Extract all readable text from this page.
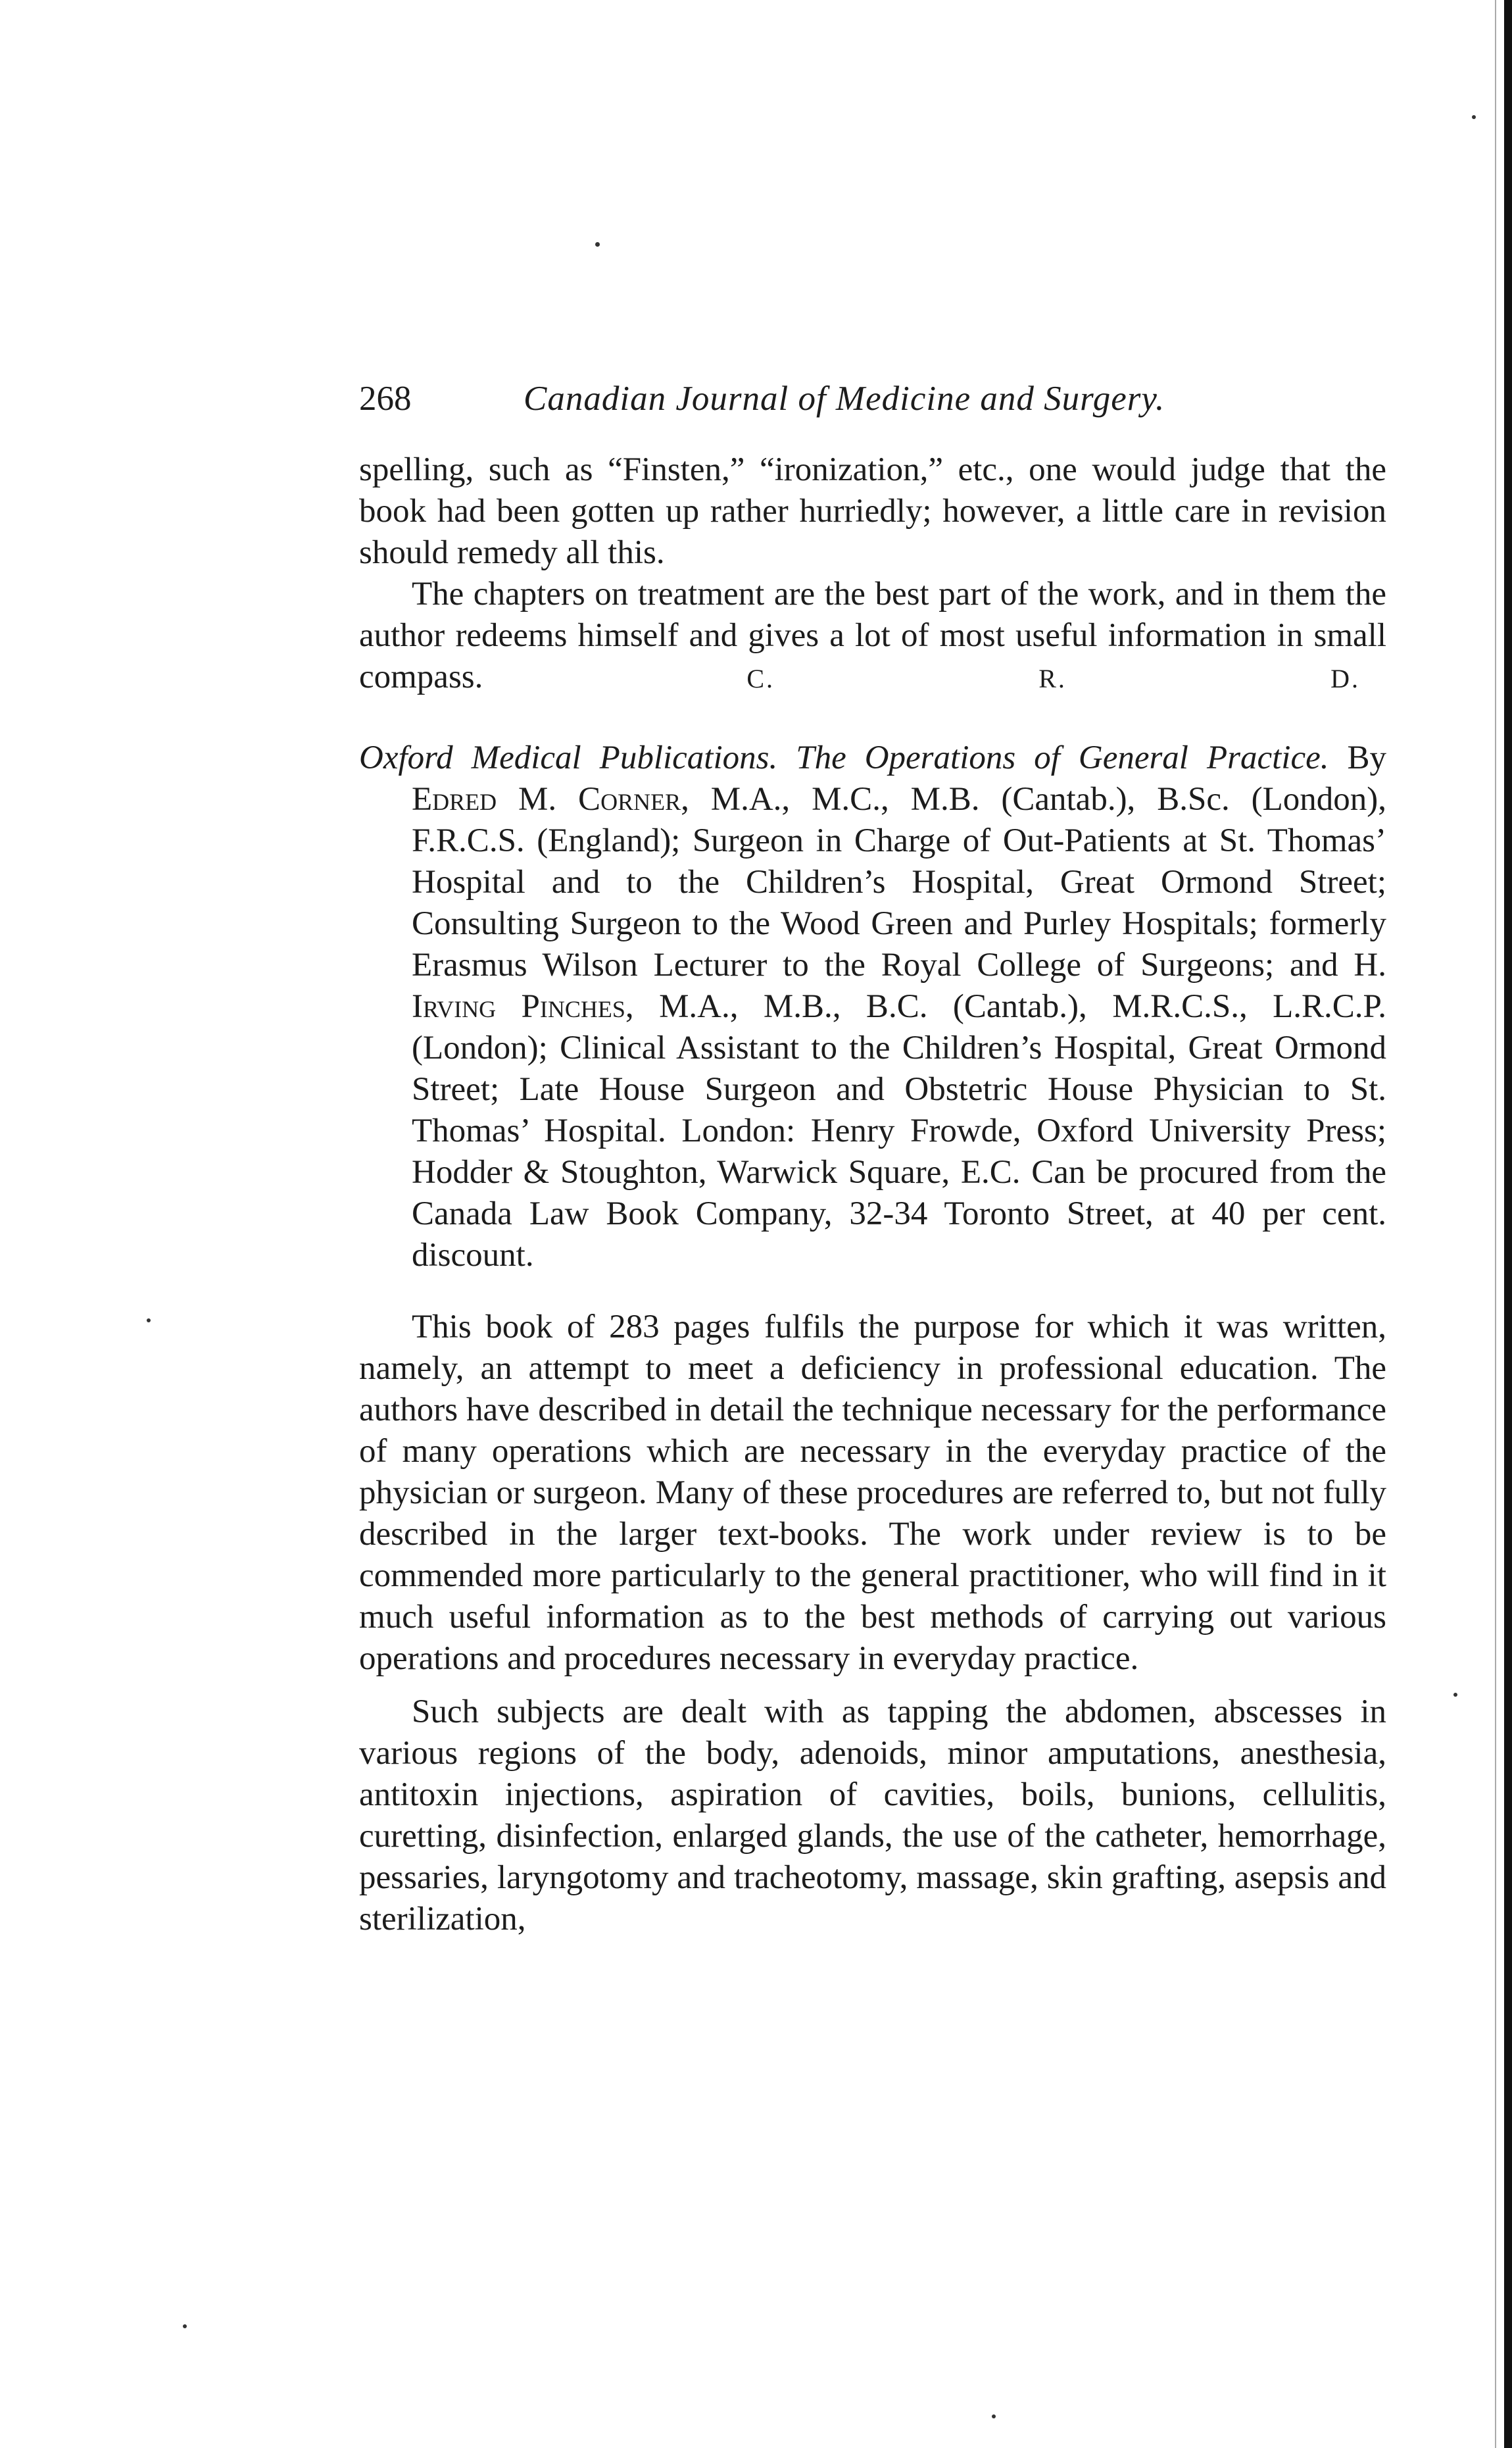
268	Canadian Journal of Medicine and Surgery.

spelling, such as “Finsten,” “ironization,” etc., one would judge that the book had been gotten up rather hurriedly; however, a little care in revision should remedy all this.

The chapters on treatment are the best part of the work, and in them the author redeems himself and gives a lot of most useful information in small compass.	C. R. D.

Oxford Medical Publications. The Operations of General Practice. By Edred M. Corner, M.A., M.C., M.B. (Cantab.), B.Sc. (London), F.R.C.S. (England); Surgeon in Charge of Out-Patients at St. Thomas’ Hospital and to the Children’s Hospital, Great Ormond Street; Consulting Surgeon to the Wood Green and Purley Hospitals; formerly Erasmus Wilson Lecturer to the Royal College of Surgeons; and H. Irving Pinches, M.A., M.B., B.C. (Cantab.), M.R.C.S., L.R.C.P. (London); Clinical Assistant to the Children’s Hospital, Great Ormond Street; Late House Surgeon and Obstetric House Physician to St. Thomas’ Hospital. London: Henry Frowde, Oxford University Press; Hodder & Stoughton, Warwick Square, E.C. Can be procured from the Canada Law Book Company, 32-34 Toronto Street, at 40 per cent. discount.

This book of 283 pages fulfils the purpose for which it was written, namely, an attempt to meet a deficiency in professional education. The authors have described in detail the technique necessary for the performance of many operations which are necessary in the everyday practice of the physician or surgeon. Many of these procedures are referred to, but not fully described in the larger text-books. The work under review is to be commended more particularly to the general practitioner, who will find in it much useful information as to the best methods of carrying out various operations and procedures necessary in everyday practice.

Such subjects are dealt with as tapping the abdomen, abscesses in various regions of the body, adenoids, minor amputations, anesthesia, antitoxin injections, aspiration of cavities, boils, bunions, cellulitis, curetting, disinfection, enlarged glands, the use of the catheter, hemorrhage, pessaries, laryngotomy and tracheotomy, massage, skin grafting, asepsis and sterilization,
